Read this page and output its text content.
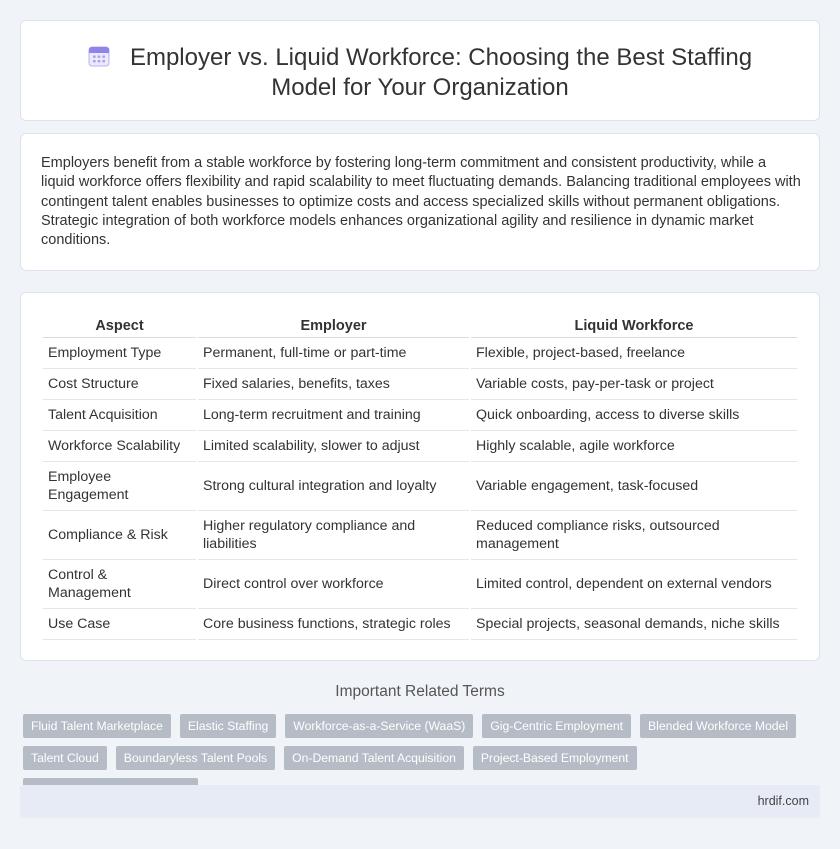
Employer vs. Liquid Workforce: Choosing the Best Staffing Model for Your Organization

Employers benefit from a stable workforce by fostering long-term commitment and consistent productivity, while a liquid workforce offers flexibility and rapid scalability to meet fluctuating demands. Balancing traditional employees with contingent talent enables businesses to optimize costs and access specialized skills without permanent obligations. Strategic integration of both workforce models enhances organizational agility and resilience in dynamic market conditions.

Aspect	Employer	Liquid Workforce
Employment Type	Permanent, full-time or part-time	Flexible, project-based, freelance
Cost Structure	Fixed salaries, benefits, taxes	Variable costs, pay-per-task or project
Talent Acquisition	Long-term recruitment and training	Quick onboarding, access to diverse skills
Workforce Scalability	Limited scalability, slower to adjust	Highly scalable, agile workforce
Employee Engagement	Strong cultural integration and loyalty	Variable engagement, task-focused
Compliance & Risk	Higher regulatory compliance and liabilities	Reduced compliance risks, outsourced management
Control & Management	Direct control over workforce	Limited control, dependent on external vendors
Use Case	Core business functions, strategic roles	Special projects, seasonal demands, niche skills
Important Related Terms
Fluid Talent Marketplace	Elastic Staffing	Workforce-as-a-Service (WaaS)	Gig-Centric Employment	Blended Workforce Model
Talent Cloud	Boundaryless Talent Pools	On-Demand Talent Acquisition	Project-Based Employment
hrdif.com
